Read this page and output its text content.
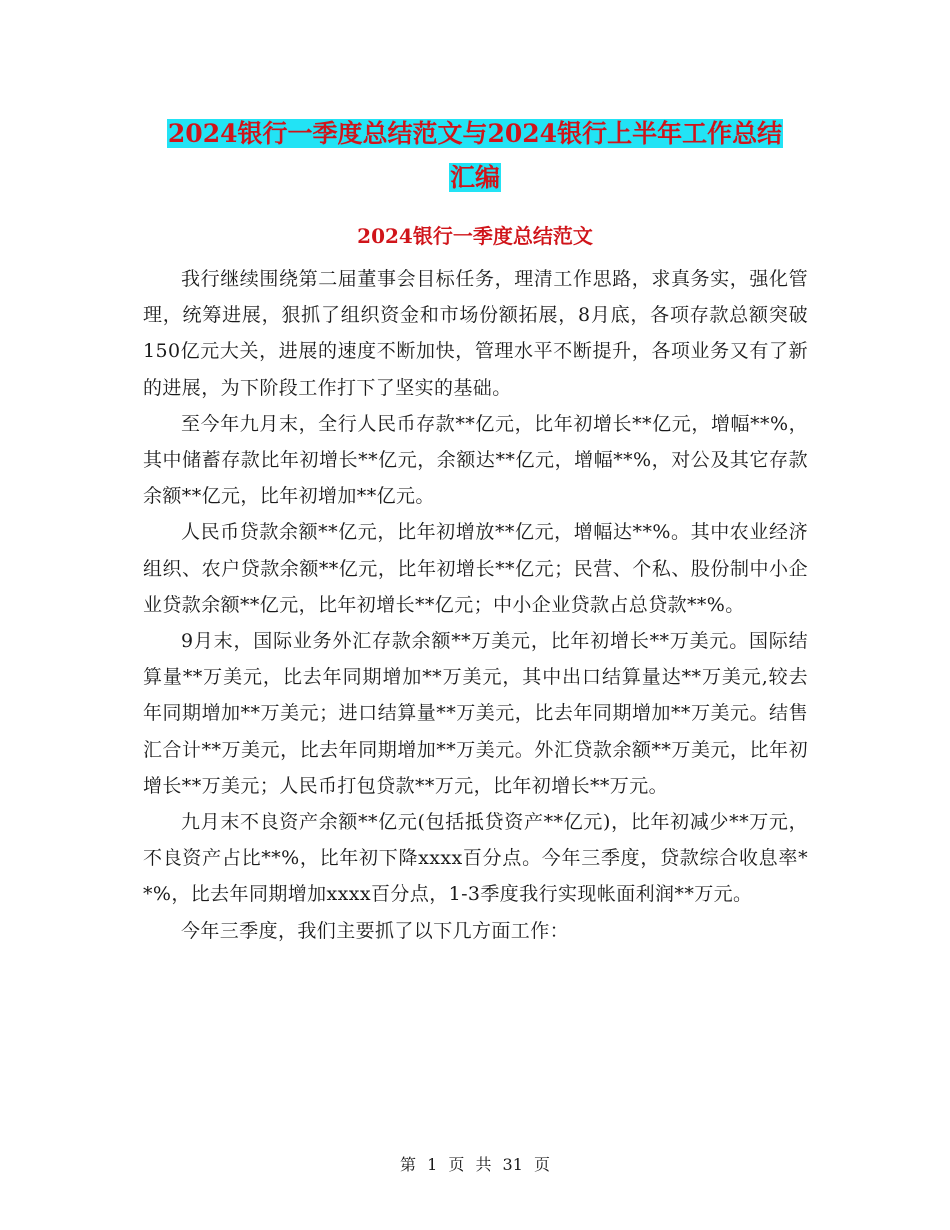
2024银行一季度总结范文与2024银行上半年工作总结
汇编
2024银行一季度总结范文

我行继续围绕第二届董事会目标任务，理清工作思路，求真务实，强化管理，统筹进展，狠抓了组织资金和市场份额拓展，8月底，各项存款总额突破150亿元大关，进展的速度不断加快，管理水平不断提升，各项业务又有了新的进展，为下阶段工作打下了坚实的基础。

至今年九月末，全行人民币存款**亿元，比年初增长**亿元，增幅**%，其中储蓄存款比年初增长**亿元，余额达**亿元，增幅**%，对公及其它存款余额**亿元，比年初增加**亿元。

人民币贷款余额**亿元，比年初增放**亿元，增幅达**%。其中农业经济组织、农户贷款余额**亿元，比年初增长**亿元；民营、个私、股份制中小企业贷款余额**亿元，比年初增长**亿元；中小企业贷款占总贷款**%。

9月末，国际业务外汇存款余额**万美元，比年初增长**万美元。国际结算量**万美元，比去年同期增加**万美元，其中出口结算量达**万美元,较去年同期增加**万美元；进口结算量**万美元，比去年同期增加**万美元。结售汇合计**万美元，比去年同期增加**万美元。外汇贷款余额**万美元，比年初增长**万美元；人民币打包贷款**万元，比年初增长**万元。

九月末不良资产余额**亿元(包括抵贷资产**亿元)，比年初减少**万元，不良资产占比**%，比年初下降xxxx百分点。今年三季度，贷款综合收息率**%，比去年同期增加xxxx百分点，1-3季度我行实现帐面利润**万元。

今年三季度，我们主要抓了以下几方面工作：

第 1 页 共 31 页
